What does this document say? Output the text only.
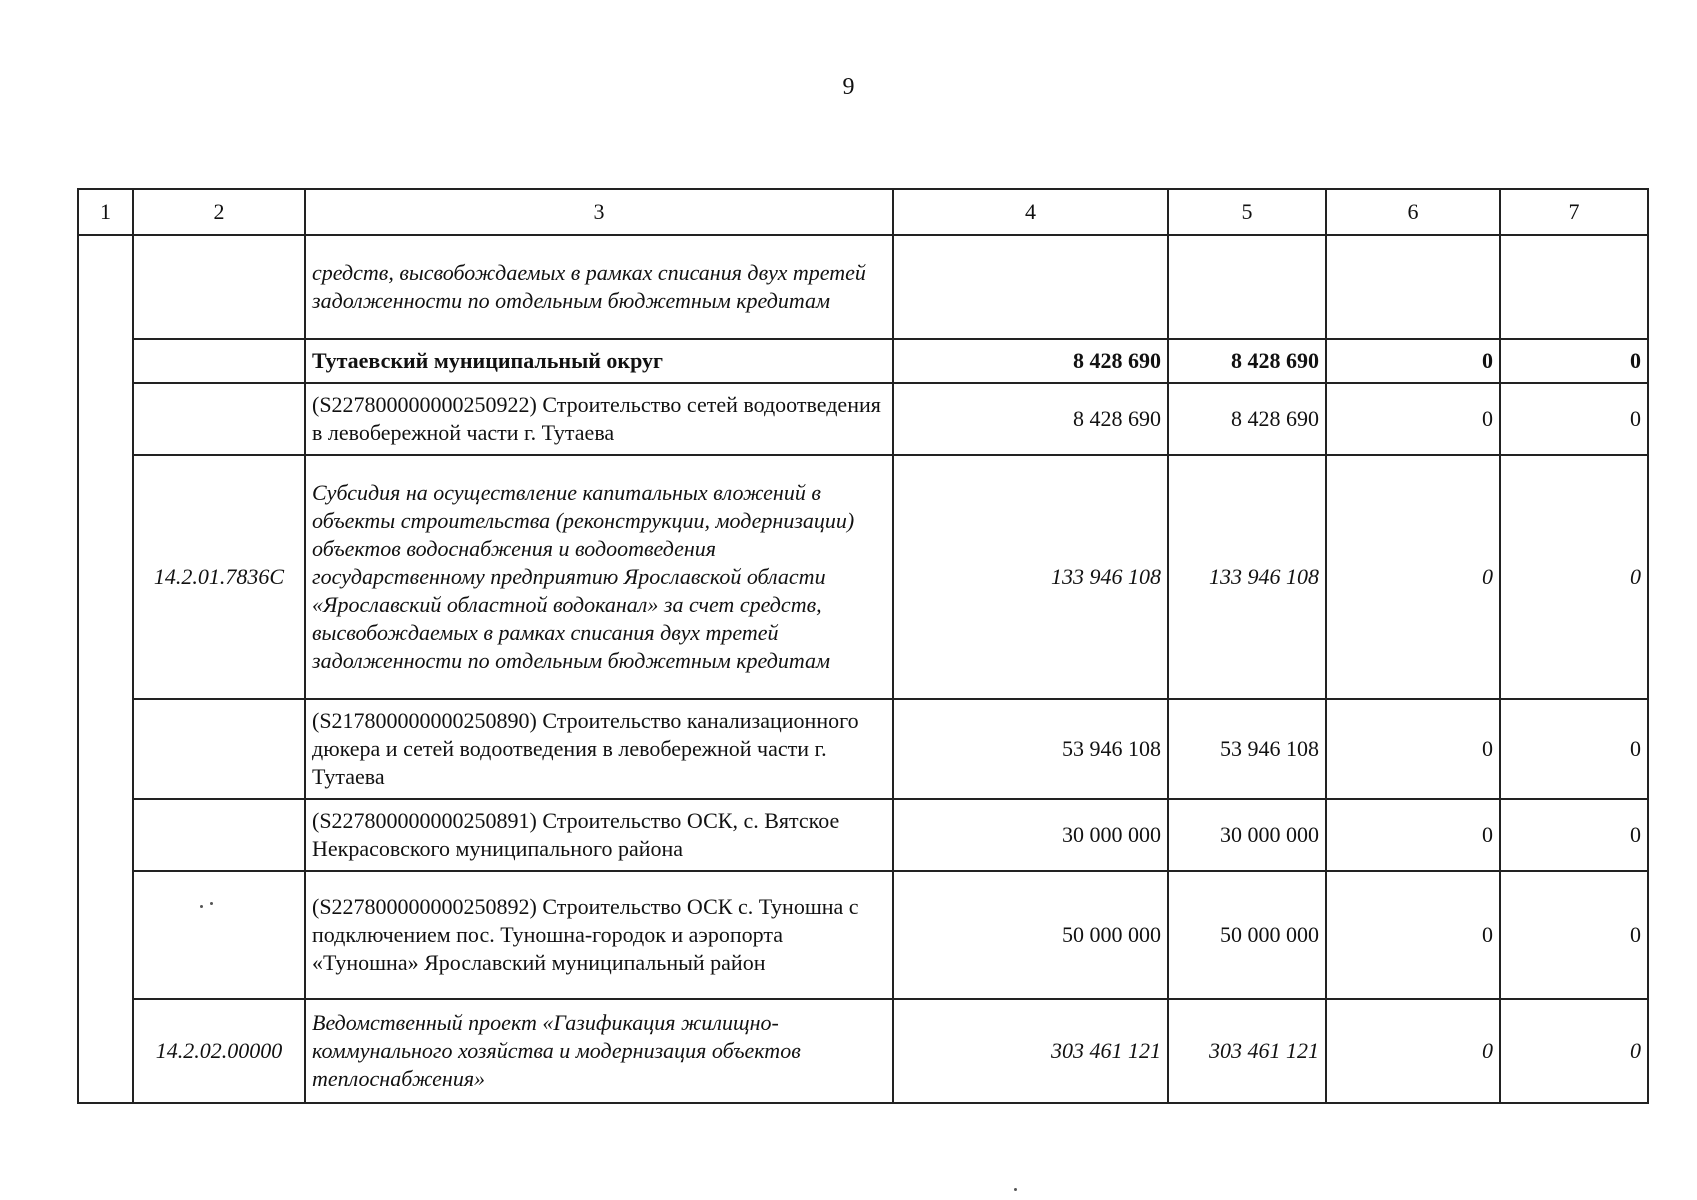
9
1	2	3	4	5	6	7
		средств, высвобождаемых в рамках списания двух третей задолженности по отдельным бюджетным кредитам				
		Тутаевский муниципальный округ	8 428 690	8 428 690	0	0
		(S227800000000250922) Строительство сетей водоотведения в левобережной части г. Тутаева	8 428 690	8 428 690	0	0
	14.2.01.7836C	Субсидия на осуществление капитальных вложений в объекты строительства (реконструкции, модернизации) объектов водоснабжения и водоотведения государственному предприятию Ярославской области «Ярославский областной водоканал» за счет средств, высвобождаемых в рамках списания двух третей задолженности по отдельным бюджетным кредитам	133 946 108	133 946 108	0	0
		(S217800000000250890) Строительство канализационного дюкера и сетей водоотведения в левобережной части г. Тутаева	53 946 108	53 946 108	0	0
		(S227800000000250891) Строительство ОСК, с. Вятское Некрасовского муниципального района	30 000 000	30 000 000	0	0
		(S227800000000250892) Строительство ОСК с. Туношна с подключением пос. Туношна-городок и аэропорта «Туношна» Ярославский муниципальный район	50 000 000	50 000 000	0	0
	14.2.02.00000	Ведомственный проект «Газификация жилищно-коммунального хозяйства и модернизация объектов теплоснабжения»	303 461 121	303 461 121	0	0
